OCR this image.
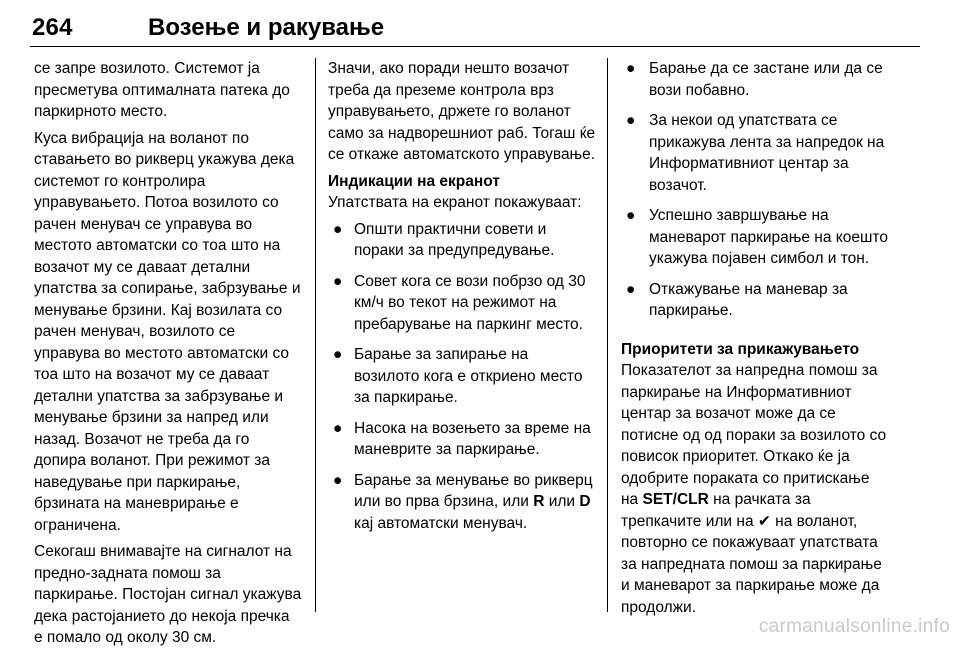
264	Возење и ракување

се запре возилото. Системот ја пресметува оптималната патека до паркирното место.

Куса вибрација на воланот по ставањето во рикверц укажува дека системот го контролира управувањето. Потоа возилото со рачен менувач се управува во местото автоматски со тоа што на возачот му се даваат детални упатства за сопирање, забрзување и менување брзини. Кај возилата со рачен менувач, возилото се управува во местото автоматски со тоа што на возачот му се даваат детални упатства за забрзување и менување брзини за напред или назад. Возачот не треба да го допира воланот. При режимот за наведување при паркирање, брзината на маневрирање е ограничена.

Секогаш внимавајте на сигналот на предно-задната помош за паркирање. Постојан сигнал укажува дека растојанието до некоја пречка е помало од околу 30 см.

Значи, ако поради нешто возачот треба да преземе контрола врз управувањето, држете го воланот само за надворешниот раб. Тогаш ќе се откаже автоматското управување.

Индикации на екранот

Упатствата на екранот покажуваат:

● Општи практични совети и пораки за предупредување.
● Совет кога се вози побрзо од 30 км/ч во текот на режимот на пребарување на паркинг место.
● Барање за запирање на возилото кога е откриено место за паркирање.
● Насока на возењето за време на маневрите за паркирање.
● Барање за менување во рикверц или во прва брзина, или R или D кај автоматски менувач.
● Барање да се застане или да се вози побавно.
● За некои од упатствата се прикажува лента за напредок на Информативниот центар за возачот.
● Успешно завршување на маневарот паркирање на коешто укажува појавен симбол и тон.
● Откажување на маневар за паркирање.
Приоритети за прикажувањето

Показателот за напредна помош за паркирање на Информативниот центар за возачот може да се потисне од од пораки за возилото со повисок приоритет. Откако ќе ја одобрите пораката со притискање на SET/CLR на рачката за трепкачите или на ✔ на воланот, повторно се покажуваат упатствата за напредната помош за паркирање и маневарот за паркирање може да продолжи.

carmanualsonline.info
